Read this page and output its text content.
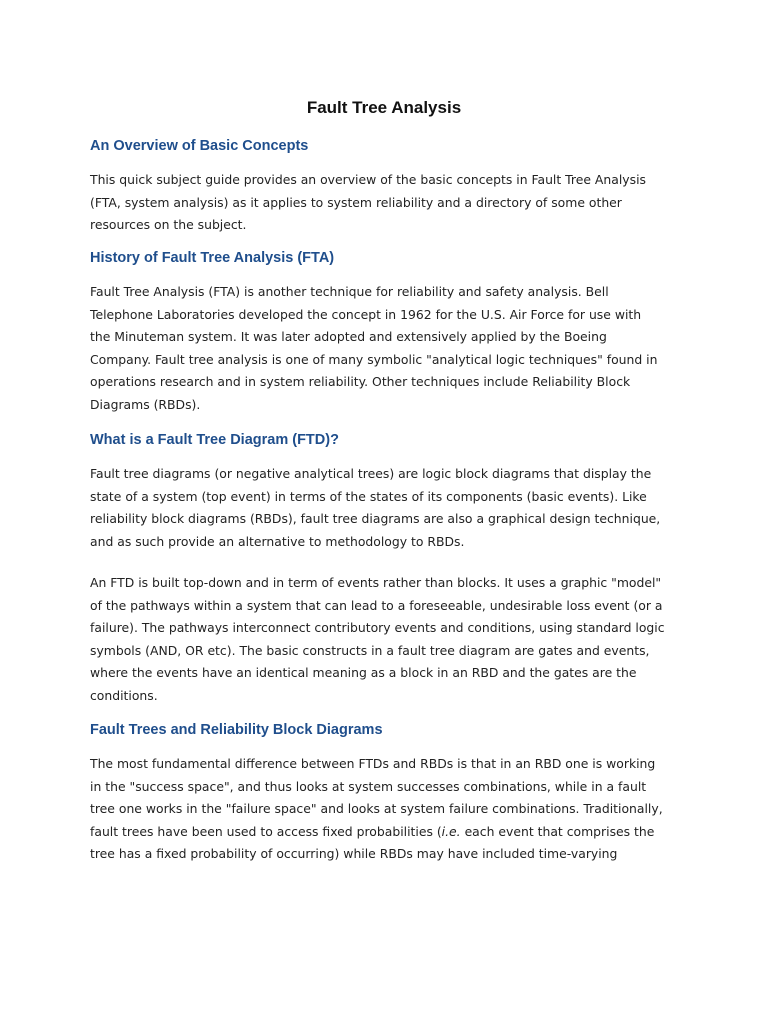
Fault Tree Analysis
An Overview of Basic Concepts

This quick subject guide provides an overview of the basic concepts in Fault Tree Analysis
(FTA, system analysis) as it applies to system reliability and a directory of some other
resources on the subject.

History of Fault Tree Analysis (FTA)

Fault Tree Analysis (FTA) is another technique for reliability and safety analysis. Bell
Telephone Laboratories developed the concept in 1962 for the U.S. Air Force for use with
the Minuteman system. It was later adopted and extensively applied by the Boeing
Company. Fault tree analysis is one of many symbolic "analytical logic techniques" found in
operations research and in system reliability. Other techniques include Reliability Block
Diagrams (RBDs).

What is a Fault Tree Diagram (FTD)?

Fault tree diagrams (or negative analytical trees) are logic block diagrams that display the
state of a system (top event) in terms of the states of its components (basic events). Like
reliability block diagrams (RBDs), fault tree diagrams are also a graphical design technique,
and as such provide an alternative to methodology to RBDs.

An FTD is built top-down and in term of events rather than blocks. It uses a graphic "model"
of the pathways within a system that can lead to a foreseeable, undesirable loss event (or a
failure). The pathways interconnect contributory events and conditions, using standard logic
symbols (AND, OR etc). The basic constructs in a fault tree diagram are gates and events,
where the events have an identical meaning as a block in an RBD and the gates are the
conditions.

Fault Trees and Reliability Block Diagrams

The most fundamental difference between FTDs and RBDs is that in an RBD one is working
in the "success space", and thus looks at system successes combinations, while in a fault
tree one works in the "failure space" and looks at system failure combinations. Traditionally,
fault trees have been used to access fixed probabilities (i.e. each event that comprises the
tree has a fixed probability of occurring) while RBDs may have included time-varying
